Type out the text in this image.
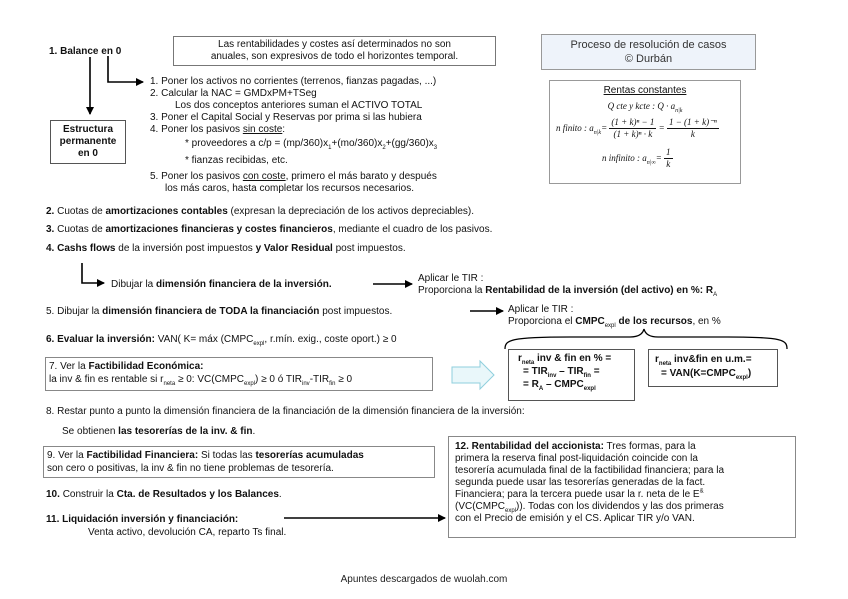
Proceso de resolución de casos
© Durbán
Las rentabilidades y costes así determinados no son
anuales, son expresivos de todo el horizontes temporal.
1. Balance en 0
Estructura
permanente
en 0
1. Poner los activos no corrientes (terrenos, fianzas pagadas, ...)
2. Calcular la NAC = GMDxPM+TSeg
Los dos conceptos anteriores suman el ACTIVO TOTAL
3. Poner el Capital Social y Reservas por prima si las hubiera
4. Poner los pasivos sin coste:
* proveedores a $c/p = (mp/360)x_1+(mo/360)x_2+(gg/360)x_3$
* fianzas recibidas, etc.
5. Poner los pasivos con coste, primero el más barato y después
los más caros, hasta completar los recursos necesarios.
Rentas constantes
Q cte y kcte : $Q \cdot a_{n|k}$
n finito : $a_{n|k}= \frac{\text{(1 + k)ⁿ − 1}}{\text{(1 + k)ⁿ · k}} = \frac{\text{1 − (1 + k)⁻ⁿ}}{k}$
n infinito : $a_{n|\infty}= \frac{1}{k}$
2. Cuotas de amortizaciones contables (expresan la depreciación de los activos depreciables).
3. Cuotas de amortizaciones financieras y costes financieros, mediante el cuadro de los pasivos.
4. Cashs flows de la inversión post impuestos y Valor Residual post impuestos.
Dibujar la dimensión financiera de la inversión.
Aplicar le TIR :
Proporciona la Rentabilidad de la inversión (del activo) en %: $R_A$
5. Dibujar la dimensión financiera de TODA la financiación post impuestos.	Aplicar le TIR :
Proporciona el $CMPC_{expl}$ de los recursos, en %
6. Evaluar la inversión: VAN( K= máx ($CMPC_{expl}$, r.mín. exig., coste oport.) ≥ 0
7. Ver la Factibilidad Económica:
la inv & fin es rentable si $r_{neta} \ge 0$: $VC(CMPC_{expl}) \ge 0$ ó $TIR_{inv}-TIR_{fin} \ge 0$
$r_{neta}$ inv & fin en % =
= $TIR_{inv} - TIR_{fin}$ =
= $R_A$ – $CMPC_{expl}$
$r_{neta}$ inv&fin en u.m.=
= $VAN(K=CMPC_{expl})$
8. Restar punto a punto la dimensión financiera de la financiación de la dimensión financiera de la inversión:
Se obtienen las tesorerías de la inv. & fin.
9. Ver la Factibilidad Financiera: Si todas las tesorerías acumuladas
son cero o positivas, la inv & fin no tiene problemas de tesorería.
10. Construir la Cta. de Resultados y los Balances.
11. Liquidación inversión y financiación:
Venta activo, devolución CA, reparto Ts final.
12. Rentabilidad del accionista: Tres formas, para la
primera la reserva final post-liquidación coincide con la
tesorería acumulada final de la factibilidad financiera; para la
segunda puede usar las tesorerías generadas de la fact.
Financiera; para la tercera puede usar la r. neta de le E&
$(VC(CMPC_{expl}))$. Todas con los dividendos y las dos primeras
con el Precio de emisión y el CS. Aplicar TIR y/o VAN.
Apuntes descargados de wuolah.com
